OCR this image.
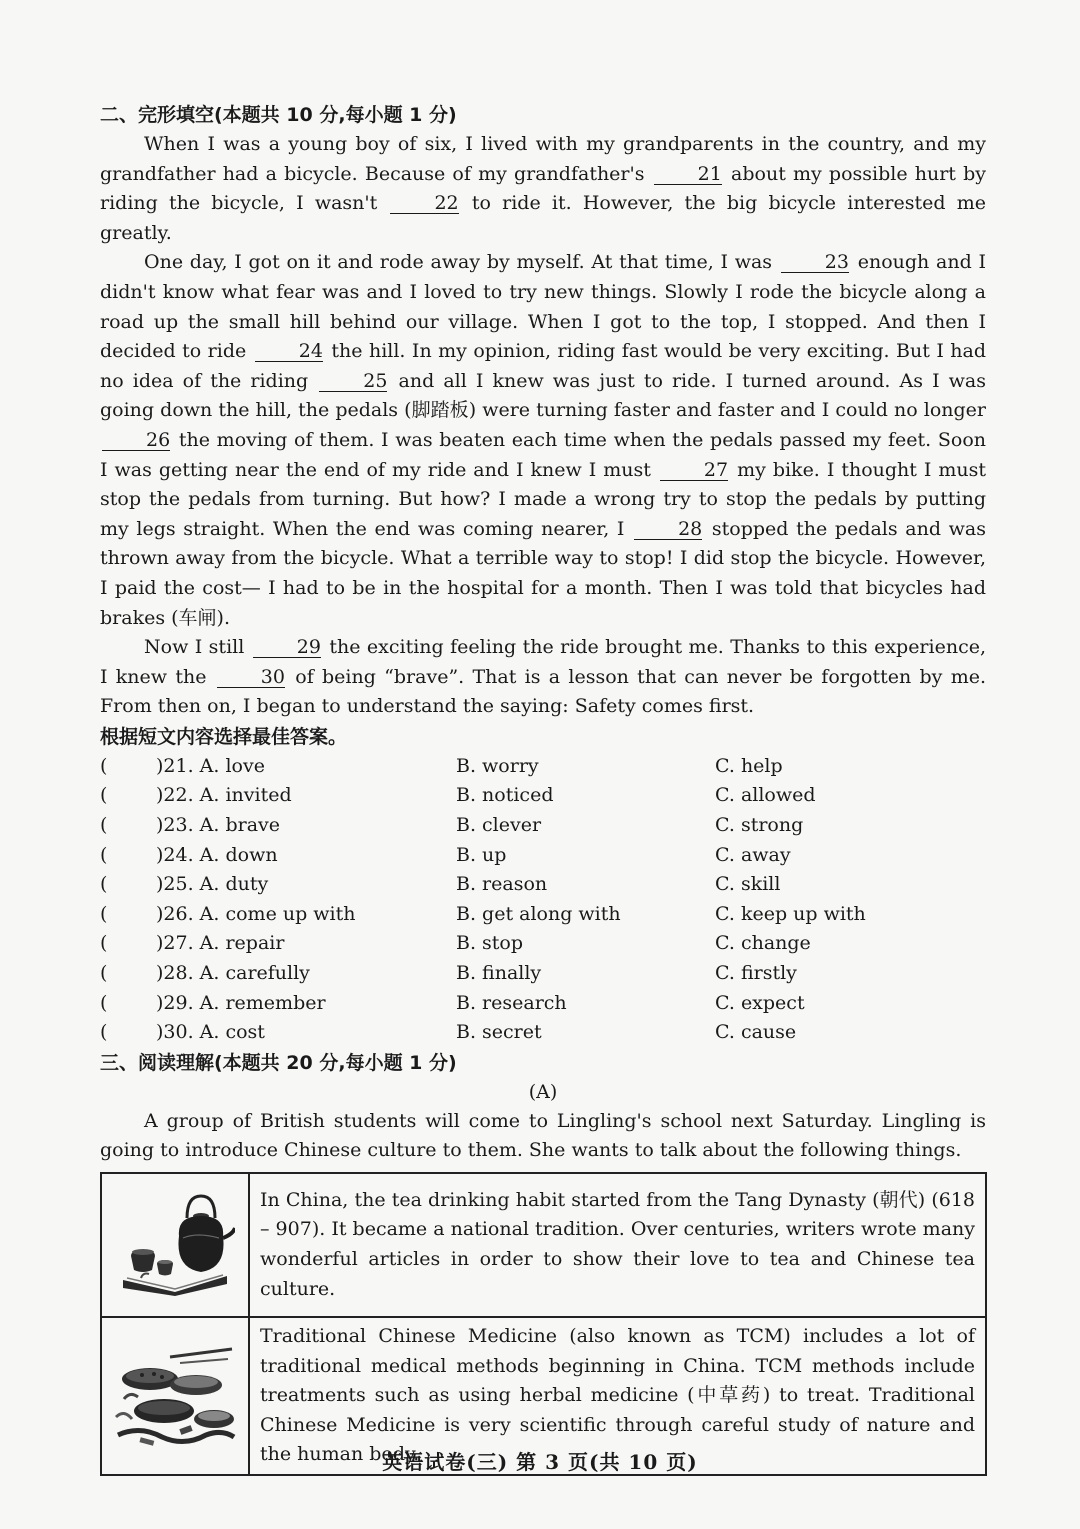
二、完形填空(本题共 10 分,每小题 1 分)

When I was a young boy of six, I lived with my grandparents in the country, and my grandfather had a bicycle. Because of my grandfather's	21 about my possible hurt by riding the bicycle, I wasn't	22 to ride it. However, the big bicycle interested me greatly.

One day, I got on it and rode away by myself. At that time, I was	23 enough and I didn't know what fear was and I loved to try new things. Slowly I rode the bicycle along a road up the small hill behind our village. When I got to the top, I stopped. And then I decided to ride	24 the hill. In my opinion, riding fast would be very exciting. But I had no idea of the riding	25 and all I knew was just to ride. I turned around. As I was going down the hill, the pedals (脚踏板) were turning faster and faster and I could no longer 26 the moving of them. I was beaten each time when the pedals passed my feet. Soon I was getting near the end of my ride and I knew I must	27 my bike. I thought I must stop the pedals from turning. But how? I made a wrong try to stop the pedals by putting my legs straight. When the end was coming nearer, I	28 stopped the pedals and was thrown away from the bicycle. What a terrible way to stop! I did stop the bicycle. However, I paid the cost— I had to be in the hospital for a month. Then I was told that bicycles had brakes (车闸).

Now I still	29 the exciting feeling the ride brought me. Thanks to this experience, I knew the	30 of being “brave”. That is a lesson that can never be forgotten by me. From then on, I began to understand the saying: Safety comes first.

根据短文内容选择最佳答案。
(	)21. A. love	B. worry	C. help
(	)22. A. invited	B. noticed	C. allowed
(	)23. A. brave	B. clever	C. strong
(	)24. A. down	B. up	C. away
(	)25. A. duty	B. reason	C. skill
(	)26. A. come up with	B. get along with	C. keep up with
(	)27. A. repair	B. stop	C. change
(	)28. A. carefully	B. finally	C. firstly
(	)29. A. remember	B. research	C. expect
(	)30. A. cost	B. secret	C. cause
三、阅读理解(本题共 20 分,每小题 1 分)
(A)

A group of British students will come to Lingling's school next Saturday. Lingling is going to introduce Chinese culture to them. She wants to talk about the following things.

	In China, the tea drinking habit started from the Tang Dynasty (朝代) (618 – 907). It became a national tradition. Over centuries, writers wrote many wonderful articles in order to show their love to tea and Chinese tea culture.
	Traditional Chinese Medicine (also known as TCM) includes a lot of traditional medical methods beginning in China. TCM methods include treatments such as using herbal medicine (中草药) to treat. Traditional Chinese Medicine is very scientific through careful study of nature and the human body.
英语试卷(三) 第 3 页(共 10 页)
